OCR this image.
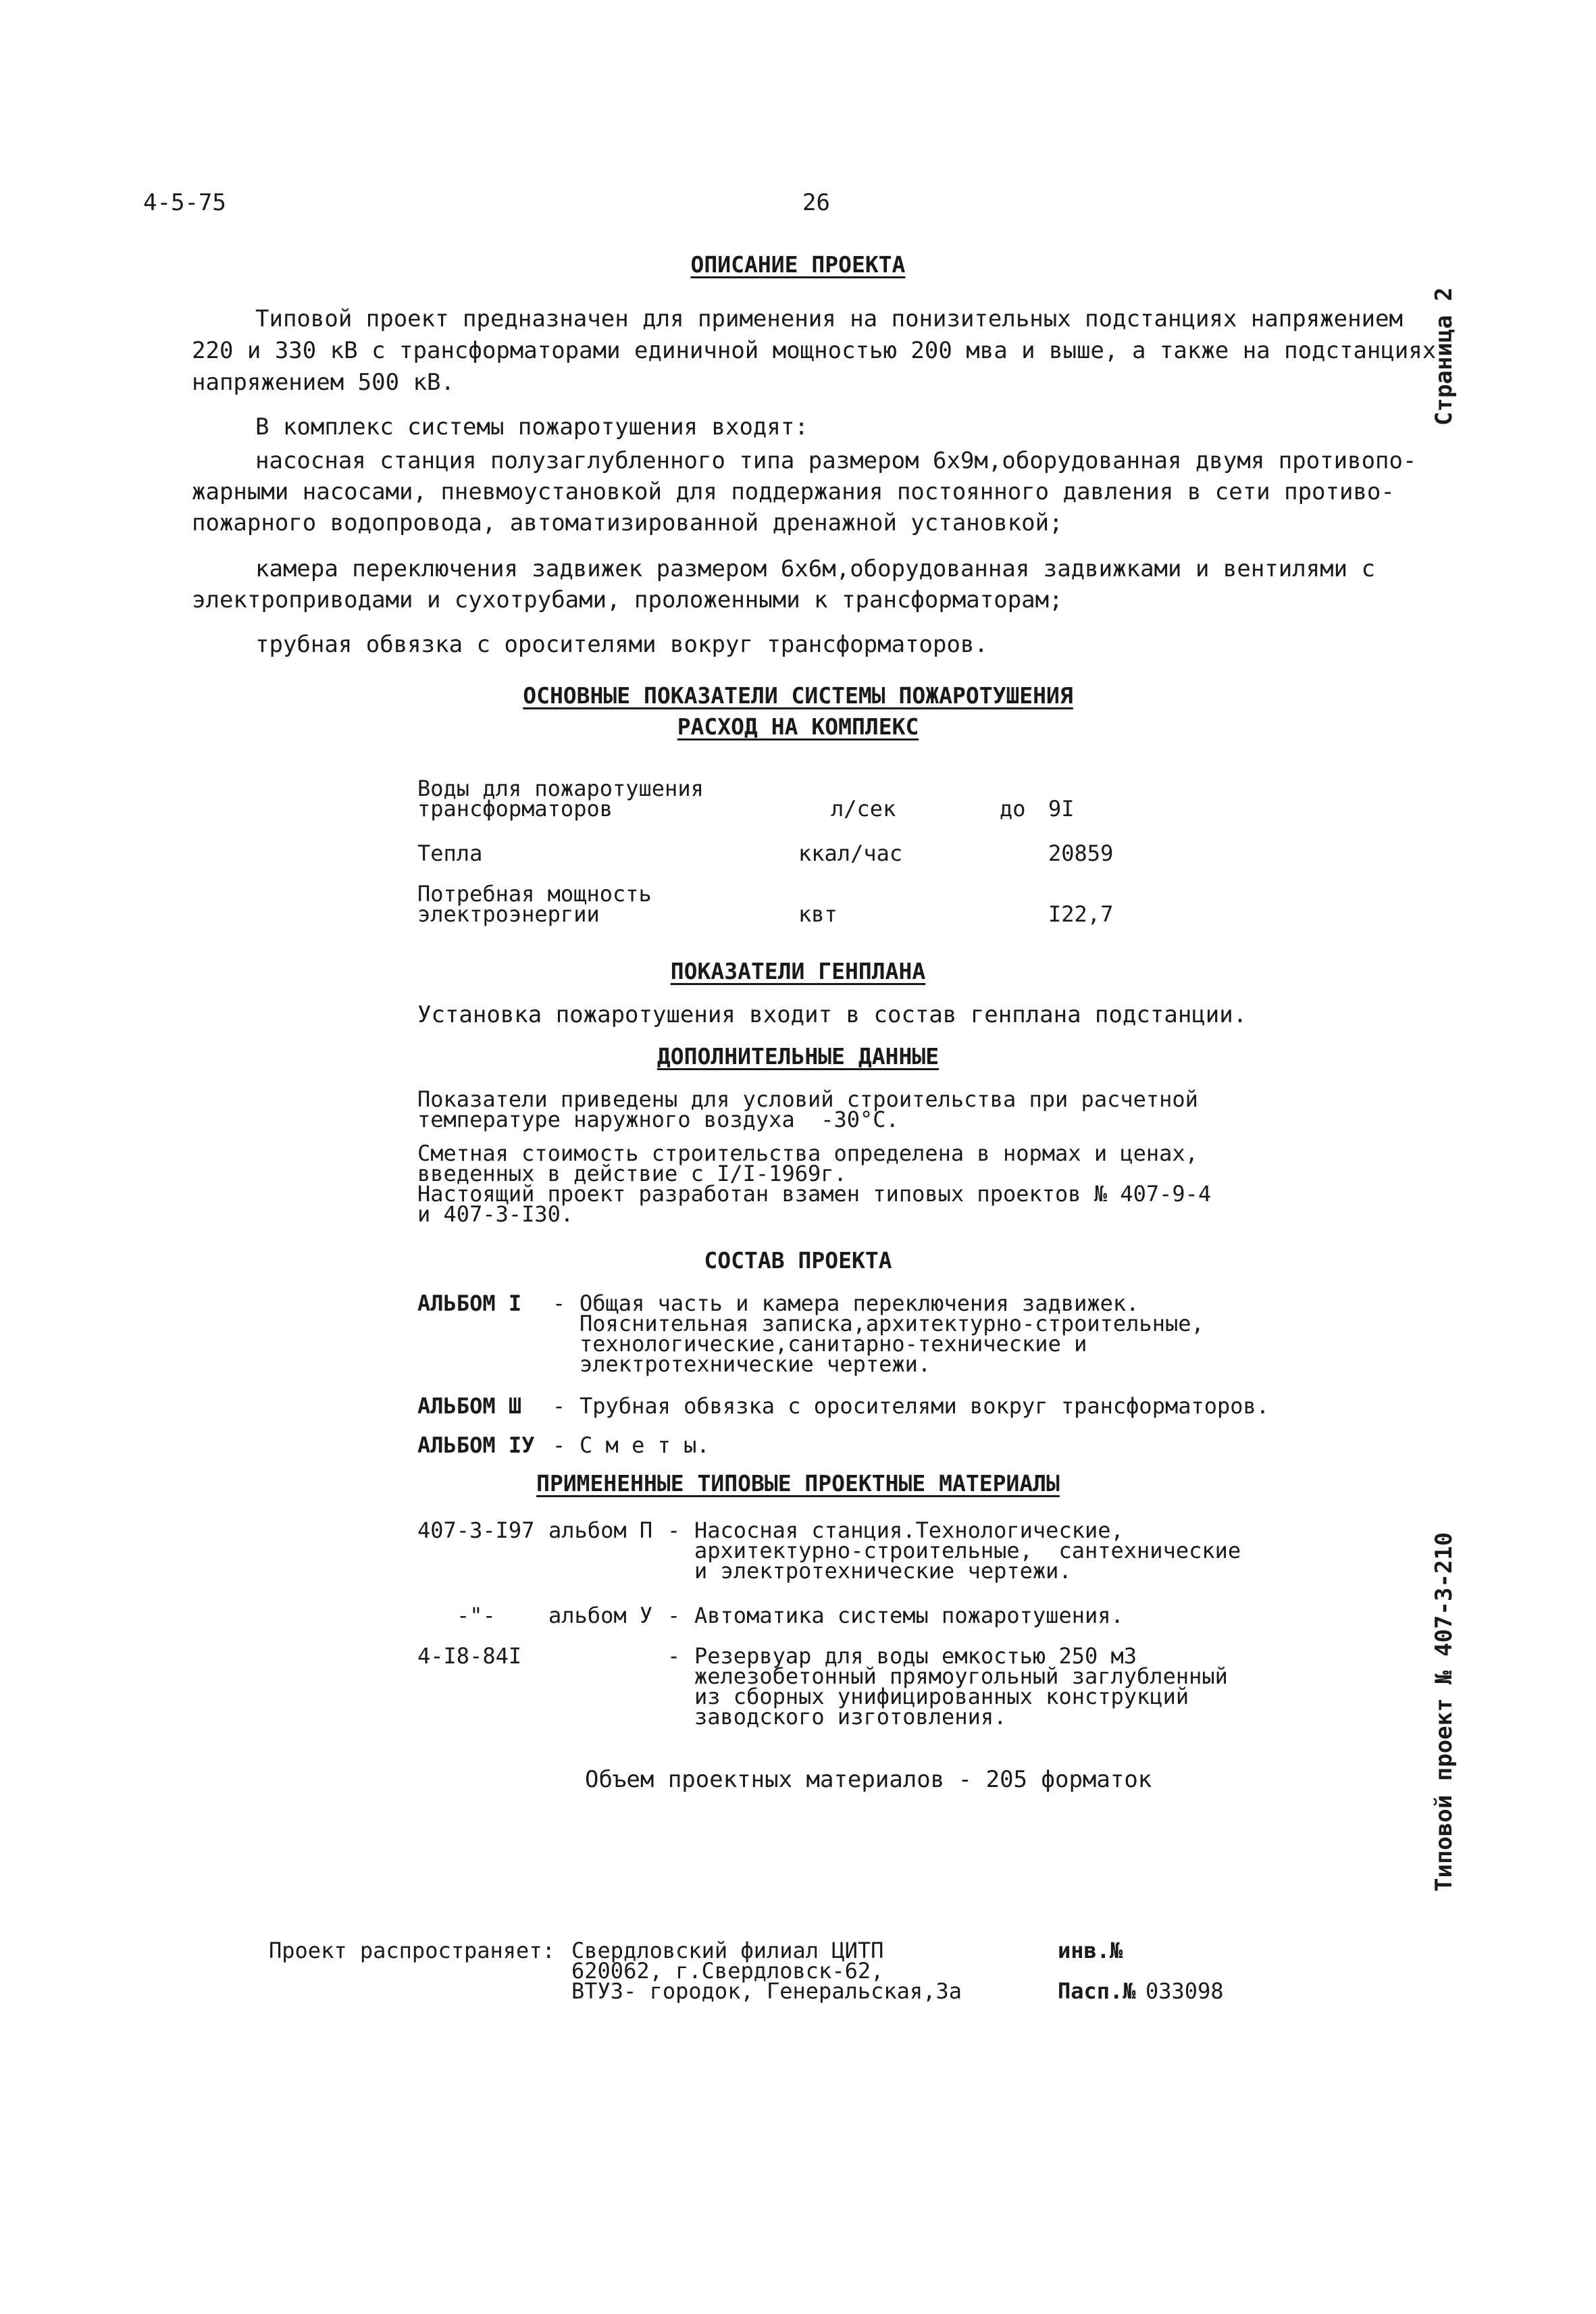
4-5-75	26
Страница 2
Типовой проект № 407-3-210
ОПИСАНИЕ ПРОЕКТА
Типовой проект предназначен для применения на понизительных подстанциях напряжением
220 и 330 кВ с трансформаторами единичной мощностью 200 мва и выше, а также на подстанциях
напряжением 500 кВ.
В комплекс системы пожаротушения входят:
насосная станция полузаглубленного типа размером 6х9м,оборудованная двумя противопо-
жарными насосами, пневмоустановкой для поддержания постоянного давления в сети противо-
пожарного водопровода, автоматизированной дренажной установкой;
камера переключения задвижек размером 6х6м,оборудованная задвижками и вентилями с
электроприводами и сухотрубами, проложенными к трансформаторам;
трубная обвязка с оросителями вокруг трансформаторов.
ОСНОВНЫЕ ПОКАЗАТЕЛИ СИСТЕМЫ ПОЖАРОТУШЕНИЯ
РАСХОД НА КОМПЛЕКС
Воды для пожаротушения
трансформаторов	л/сек	до 9I
Тепла	ккал/час	20859
Потребная мощность
электроэнергии	квт	I22,7
ПОКАЗАТЕЛИ ГЕНПЛАНА
Установка пожаротушения входит в состав генплана подстанции.
ДОПОЛНИТЕЛЬНЫЕ ДАННЫЕ
Показатели приведены для условий строительства при расчетной
температуре наружного воздуха  -30°С.
Сметная стоимость строительства определена в нормах и ценах,
введенных в действие с I/I-1969г.
Настоящий проект разработан взамен типовых проектов № 407-9-4
и 407-3-I30.
СОСТАВ ПРОЕКТА
АЛЬБОМ I - Общая часть и камера переключения задвижек.
Пояснительная записка,архитектурно-строительные,
технологические,санитарно-технические и
электротехнические чертежи.
АЛЬБОМ Ш - Трубная обвязка с оросителями вокруг трансформаторов.
АЛЬБОМ IУ - С м е т ы.
ПРИМЕНЕННЫЕ ТИПОВЫЕ ПРОЕКТНЫЕ МАТЕРИАЛЫ
407-3-I97 альбом П - Насосная станция.Технологические,
архитектурно-строительные,  сантехнические
и электротехнические чертежи.
-"- альбом У - Автоматика системы пожаротушения.
4-I8-84I	- Резервуар для воды емкостью 250 м3
железобетонный прямоугольный заглубленный
из сборных унифицированных конструкций
заводского изготовления.
Объем проектных материалов - 205 форматок
Проект распространяет: Свердловский филиал ЦИТП
620062, г.Свердловск-62,
ВТУЗ- городок, Генеральская,3а
инв.№
Пасп.№ 033098
